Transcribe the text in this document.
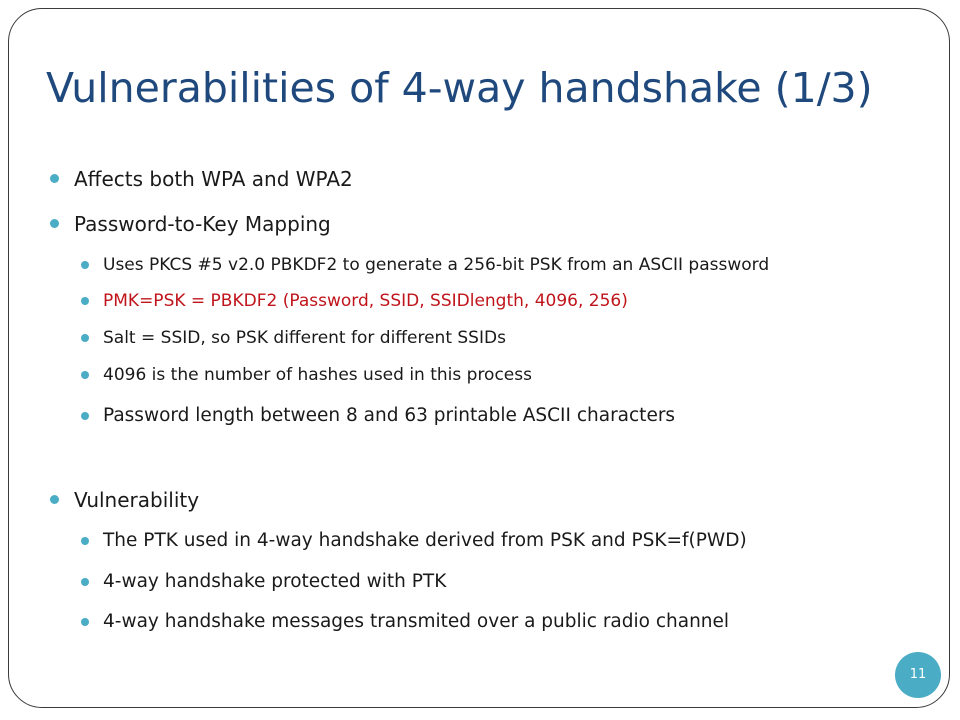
Vulnerabilities of 4-way handshake (1/3)
Affects both WPA and WPA2
Password-to-Key Mapping
Uses PKCS #5 v2.0 PBKDF2 to generate a 256-bit PSK from an ASCII password
PMK=PSK = PBKDF2 (Password, SSID, SSIDlength, 4096, 256)
Salt = SSID, so PSK different for different SSIDs
4096 is the number of hashes used in this process
Password length between 8 and 63 printable ASCII characters
Vulnerability
The PTK used in 4-way handshake derived from PSK and PSK=f(PWD)
4-way handshake protected with PTK
4-way handshake messages transmited over a public radio channel
11
